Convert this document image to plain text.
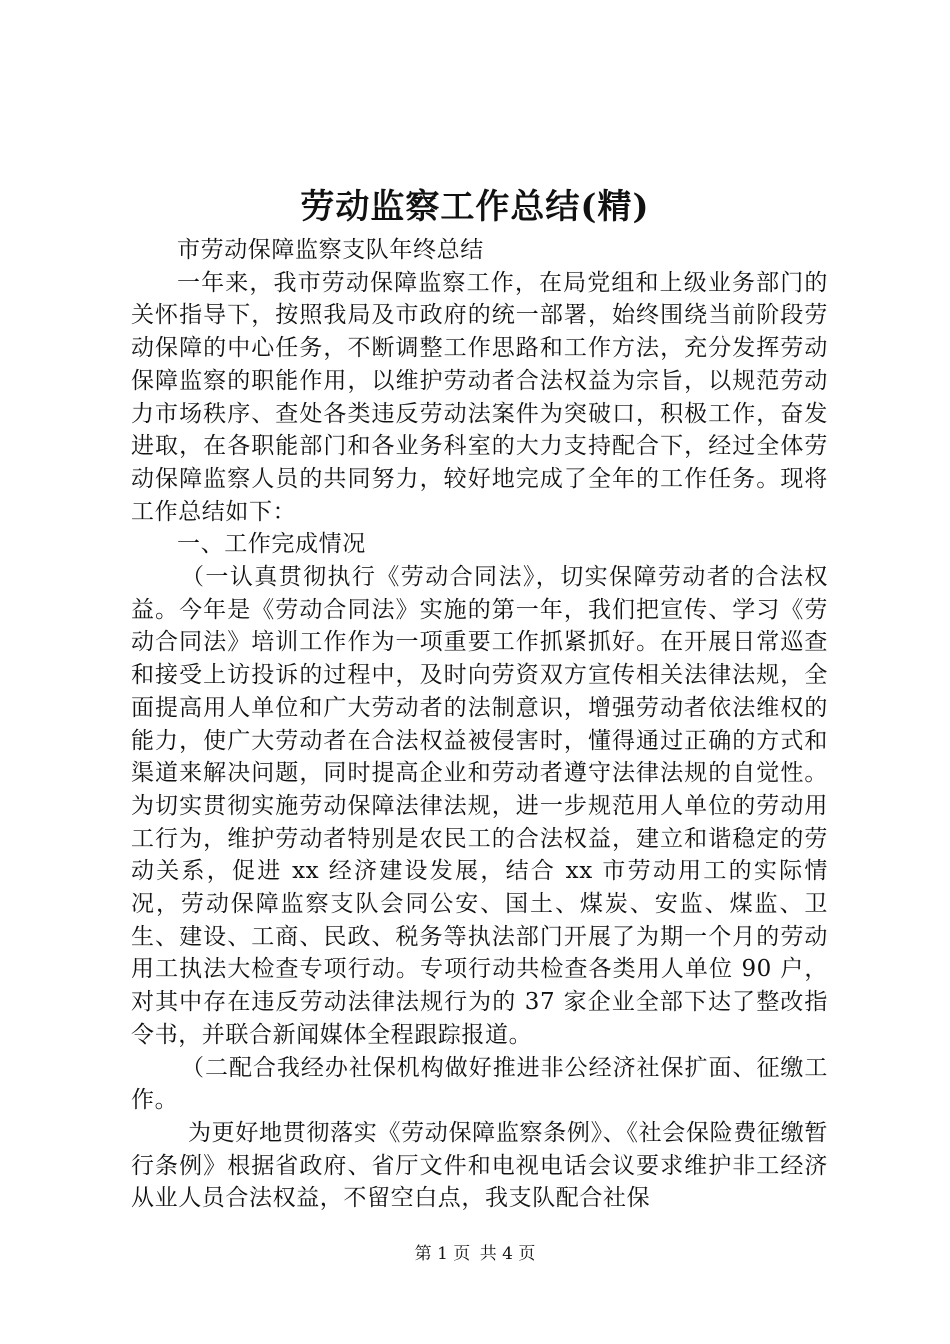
劳动监察工作总结(精)

市劳动保障监察支队年终总结

一年来，我市劳动保障监察工作，在局党组和上级业务部门的关怀指导下，按照我局及市政府的统一部署，始终围绕当前阶段劳动保障的中心任务，不断调整工作思路和工作方法，充分发挥劳动保障监察的职能作用，以维护劳动者合法权益为宗旨，以规范劳动力市场秩序、查处各类违反劳动法案件为突破口，积极工作，奋发进取，在各职能部门和各业务科室的大力支持配合下，经过全体劳动保障监察人员的共同努力，较好地完成了全年的工作任务。现将工作总结如下：

一、工作完成情况

（一认真贯彻执行《劳动合同法》，切实保障劳动者的合法权益。今年是《劳动合同法》实施的第一年，我们把宣传、学习《劳动合同法》培训工作作为一项重要工作抓紧抓好。在开展日常巡查和接受上访投诉的过程中，及时向劳资双方宣传相关法律法规，全面提高用人单位和广大劳动者的法制意识，增强劳动者依法维权的能力，使广大劳动者在合法权益被侵害时，懂得通过正确的方式和渠道来解决问题，同时提高企业和劳动者遵守法律法规的自觉性。为切实贯彻实施劳动保障法律法规，进一步规范用人单位的劳动用工行为，维护劳动者特别是农民工的合法权益，建立和谐稳定的劳动关系，促进 xx 经济建设发展，结合 xx 市劳动用工的实际情况，劳动保障监察支队会同公安、国土、煤炭、安监、煤监、卫生、建设、工商、民政、税务等执法部门开展了为期一个月的劳动用工执法大检查专项行动。专项行动共检查各类用人单位 90 户，对其中存在违反劳动法律法规行为的 37 家企业全部下达了整改指令书，并联合新闻媒体全程跟踪报道。

（二配合我经办社保机构做好推进非公经济社保扩面、征缴工作。

为更好地贯彻落实《劳动保障监察条例》、《社会保险费征缴暂行条例》根据省政府、省厅文件和电视电话会议要求维护非工经济从业人员合法权益，不留空白点，我支队配合社保

第 1 页 共 4 页
